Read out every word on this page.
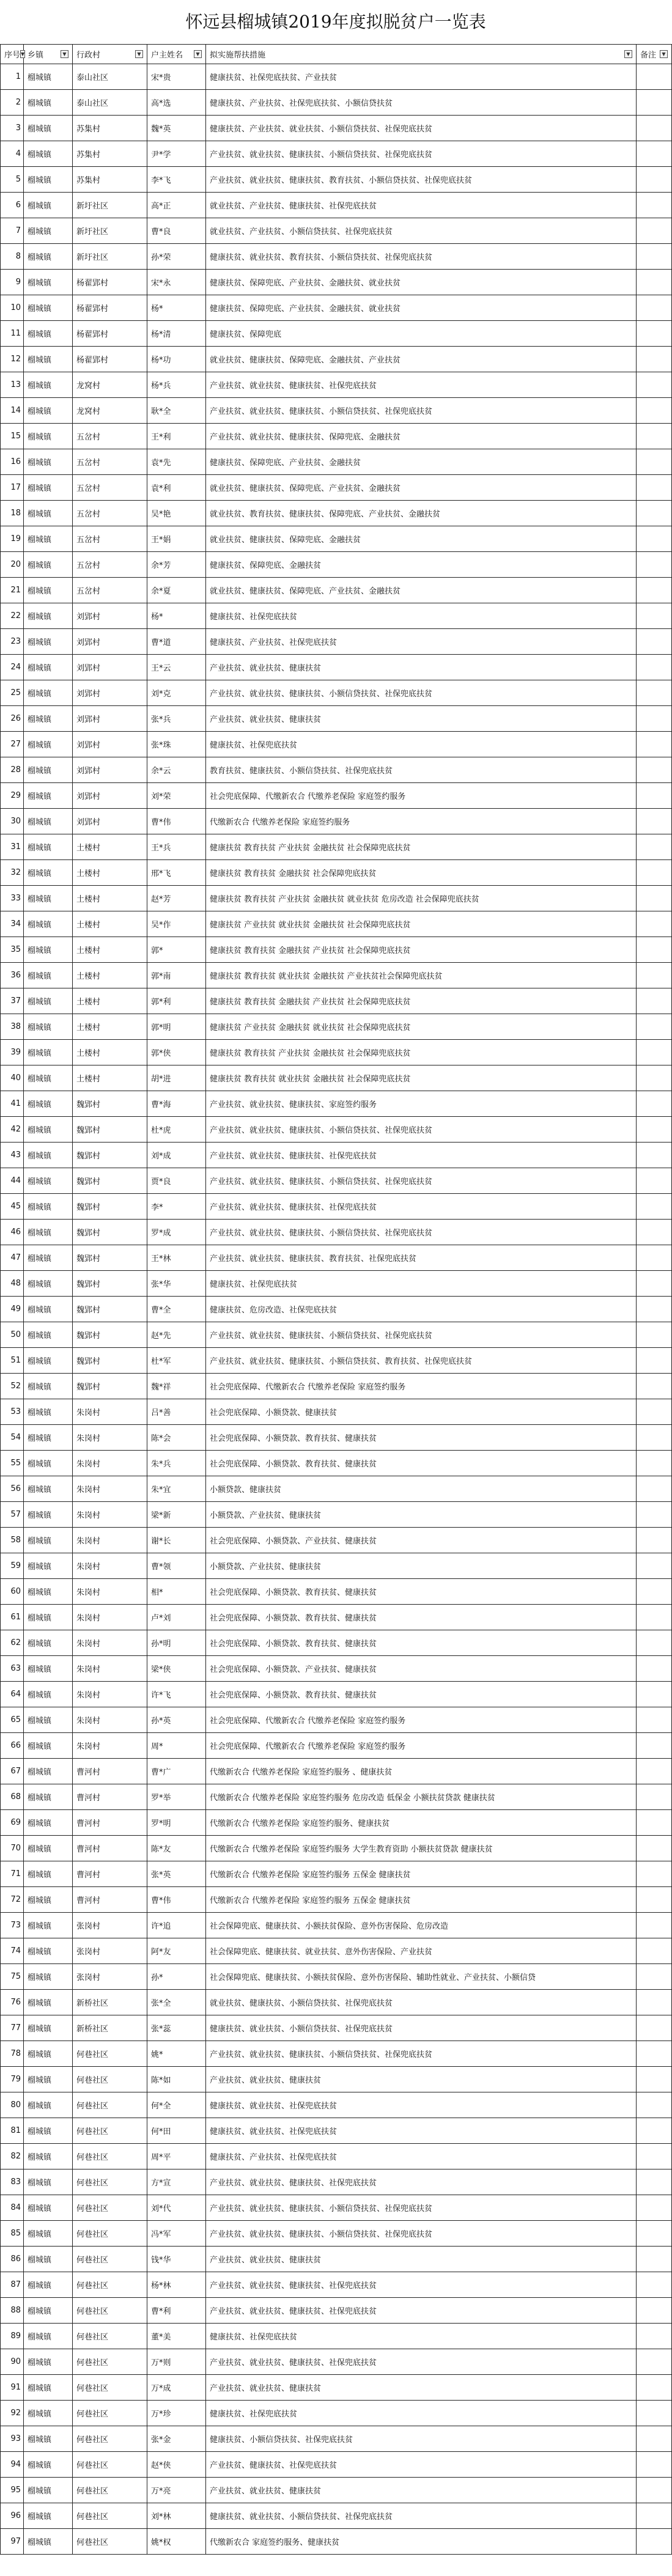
怀远县榴城镇2019年度拟脱贫户一览表
序号 ▼	乡镇 ▼	行政村 ▼	户主姓名 ▼	拟实施帮扶措施 ▼	备注 ▼

1	榴城镇	泰山社区	宋*贵	健康扶贫、社保兜底扶贫、产业扶贫	
2	榴城镇	泰山社区	高*选	健康扶贫、产业扶贫、社保兜底扶贫、小额信贷扶贫	
3	榴城镇	苏集村	魏*英	健康扶贫、产业扶贫、就业扶贫、小额信贷扶贫、社保兜底扶贫	
4	榴城镇	苏集村	尹*学	产业扶贫、就业扶贫、健康扶贫、小额信贷扶贫、社保兜底扶贫	
5	榴城镇	苏集村	李*飞	产业扶贫、就业扶贫、健康扶贫、教育扶贫、小额信贷扶贫、社保兜底扶贫	
6	榴城镇	新圩社区	高*正	就业扶贫、产业扶贫、健康扶贫、社保兜底扶贫	
7	榴城镇	新圩社区	曹*良	就业扶贫、产业扶贫、小额信贷扶贫、社保兜底扶贫	
8	榴城镇	新圩社区	孙*荣	健康扶贫、就业扶贫、教育扶贫、小额信贷扶贫、社保兜底扶贫	
9	榴城镇	杨翟郢村	宋*永	健康扶贫、保障兜底、产业扶贫、金融扶贫、就业扶贫	
10	榴城镇	杨翟郢村	杨*	健康扶贫、保障兜底、产业扶贫、金融扶贫、就业扶贫	
11	榴城镇	杨翟郢村	杨*清	健康扶贫、保障兜底	
12	榴城镇	杨翟郢村	杨*功	就业扶贫、健康扶贫、保障兜底、金融扶贫、产业扶贫	
13	榴城镇	龙窝村	杨*兵	产业扶贫、就业扶贫、健康扶贫、社保兜底扶贫	
14	榴城镇	龙窝村	耿*全	产业扶贫、就业扶贫、健康扶贫、小额信贷扶贫、社保兜底扶贫	
15	榴城镇	五岔村	王*利	产业扶贫、就业扶贫、健康扶贫、保障兜底、金融扶贫	
16	榴城镇	五岔村	袁*先	健康扶贫、保障兜底、产业扶贫、金融扶贫	
17	榴城镇	五岔村	袁*利	就业扶贫、健康扶贫、保障兜底、产业扶贫、金融扶贫	
18	榴城镇	五岔村	吴*艳	就业扶贫、教育扶贫、健康扶贫、保障兜底、产业扶贫、金融扶贫	
19	榴城镇	五岔村	王*娟	就业扶贫、健康扶贫、保障兜底、金融扶贫	
20	榴城镇	五岔村	余*芳	健康扶贫、保障兜底、金融扶贫	
21	榴城镇	五岔村	余*夏	就业扶贫、健康扶贫、保障兜底、产业扶贫、金融扶贫	
22	榴城镇	刘郢村	杨*	健康扶贫、社保兜底扶贫	
23	榴城镇	刘郢村	曹*道	健康扶贫、产业扶贫、社保兜底扶贫	
24	榴城镇	刘郢村	王*云	产业扶贫、就业扶贫、健康扶贫	
25	榴城镇	刘郢村	刘*克	产业扶贫、就业扶贫、健康扶贫、小额信贷扶贫、社保兜底扶贫	
26	榴城镇	刘郢村	张*兵	产业扶贫、就业扶贫、健康扶贫	
27	榴城镇	刘郢村	张*珠	健康扶贫、社保兜底扶贫	
28	榴城镇	刘郢村	余*云	教育扶贫、健康扶贫、小额信贷扶贫、社保兜底扶贫	
29	榴城镇	刘郢村	刘*荣	社会兜底保障、代缴新农合 代缴养老保险 家庭签约服务	
30	榴城镇	刘郢村	曹*伟	代缴新农合 代缴养老保险 家庭签约服务	
31	榴城镇	土楼村	王*兵	健康扶贫 教育扶贫 产业扶贫 金融扶贫 社会保障兜底扶贫	
32	榴城镇	土楼村	邢*飞	健康扶贫 教育扶贫 金融扶贫 社会保障兜底扶贫	
33	榴城镇	土楼村	赵*芳	健康扶贫 教育扶贫 产业扶贫 金融扶贫 就业扶贫 危房改造 社会保障兜底扶贫	
34	榴城镇	土楼村	吴*作	健康扶贫 产业扶贫 就业扶贫 金融扶贫 社会保障兜底扶贫	
35	榴城镇	土楼村	郭*	健康扶贫 教育扶贫 金融扶贫 产业扶贫 社会保障兜底扶贫	
36	榴城镇	土楼村	郭*南	健康扶贫 教育扶贫 就业扶贫 金融扶贫 产业扶贫社会保障兜底扶贫	
37	榴城镇	土楼村	郭*利	健康扶贫 教育扶贫 金融扶贫 产业扶贫 社会保障兜底扶贫	
38	榴城镇	土楼村	郭*明	健康扶贫 产业扶贫 金融扶贫 就业扶贫 社会保障兜底扶贫	
39	榴城镇	土楼村	郭*侠	健康扶贫 教育扶贫 产业扶贫 金融扶贫 社会保障兜底扶贫	
40	榴城镇	土楼村	胡*进	健康扶贫 教育扶贫 就业扶贫 金融扶贫 社会保障兜底扶贫	
41	榴城镇	魏郢村	曹*海	产业扶贫、就业扶贫、健康扶贫、家庭签约服务	
42	榴城镇	魏郢村	杜*虎	产业扶贫、就业扶贫、健康扶贫、小额信贷扶贫、社保兜底扶贫	
43	榴城镇	魏郢村	刘*成	产业扶贫、就业扶贫、健康扶贫、社保兜底扶贫	
44	榴城镇	魏郢村	贾*良	产业扶贫、就业扶贫、健康扶贫、小额信贷扶贫、社保兜底扶贫	
45	榴城镇	魏郢村	李*	产业扶贫、就业扶贫、健康扶贫、社保兜底扶贫	
46	榴城镇	魏郢村	罗*成	产业扶贫、就业扶贫、健康扶贫、小额信贷扶贫、社保兜底扶贫	
47	榴城镇	魏郢村	王*林	产业扶贫、就业扶贫、健康扶贫、教育扶贫、社保兜底扶贫	
48	榴城镇	魏郢村	张*华	健康扶贫、社保兜底扶贫	
49	榴城镇	魏郢村	曹*全	健康扶贫、危房改造、社保兜底扶贫	
50	榴城镇	魏郢村	赵*先	产业扶贫、就业扶贫、健康扶贫、小额信贷扶贫、社保兜底扶贫	
51	榴城镇	魏郢村	杜*军	产业扶贫、就业扶贫、健康扶贫、小额信贷扶贫、教育扶贫、社保兜底扶贫	
52	榴城镇	魏郢村	魏*祥	社会兜底保障、代缴新农合 代缴养老保险 家庭签约服务	
53	榴城镇	朱岗村	吕*善	社会兜底保障、小额贷款、健康扶贫	
54	榴城镇	朱岗村	陈*会	社会兜底保障、小额贷款、教育扶贫、健康扶贫	
55	榴城镇	朱岗村	朱*兵	社会兜底保障、小额贷款、教育扶贫、健康扶贫	
56	榴城镇	朱岗村	朱*宜	小额贷款、健康扶贫	
57	榴城镇	朱岗村	梁*新	小额贷款、产业扶贫、健康扶贫	
58	榴城镇	朱岗村	谢*长	社会兜底保障、小额贷款、产业扶贫、健康扶贫	
59	榴城镇	朱岗村	曹*领	小额贷款、产业扶贫、健康扶贫	
60	榴城镇	朱岗村	相*	社会兜底保障、小额贷款、教育扶贫、健康扶贫	
61	榴城镇	朱岗村	卢*刘	社会兜底保障、小额贷款、教育扶贫、健康扶贫	
62	榴城镇	朱岗村	孙*明	社会兜底保障、小额贷款、教育扶贫、健康扶贫	
63	榴城镇	朱岗村	梁*侠	社会兜底保障、小额贷款、产业扶贫、健康扶贫	
64	榴城镇	朱岗村	许*飞	社会兜底保障、小额贷款、教育扶贫、健康扶贫	
65	榴城镇	朱岗村	孙*英	社会兜底保障、代缴新农合 代缴养老保险 家庭签约服务	
66	榴城镇	朱岗村	周*	社会兜底保障、代缴新农合 代缴养老保险 家庭签约服务	
67	榴城镇	曹河村	曹*广	代缴新农合 代缴养老保险 家庭签约服务 、健康扶贫	
68	榴城镇	曹河村	罗*举	代缴新农合 代缴养老保险 家庭签约服务 危房改造 低保金 小额扶贫贷款 健康扶贫	
69	榴城镇	曹河村	罗*明	代缴新农合 代缴养老保险 家庭签约服务、健康扶贫	
70	榴城镇	曹河村	陈*友	代缴新农合 代缴养老保险 家庭签约服务 大学生教育资助 小额扶贫贷款 健康扶贫	
71	榴城镇	曹河村	张*英	代缴新农合 代缴养老保险 家庭签约服务 五保金 健康扶贫	
72	榴城镇	曹河村	曹*伟	代缴新农合 代缴养老保险 家庭签约服务 五保金 健康扶贫	
73	榴城镇	张岗村	许*追	社会保障兜底、健康扶贫、小额扶贫保险、意外伤害保险、危房改造	
74	榴城镇	张岗村	阿*友	社会保障兜底、健康扶贫、就业扶贫、意外伤害保险、产业扶贫	
75	榴城镇	张岗村	孙*	社会保障兜底、健康扶贫、小额扶贫保险、意外伤害保险、辅助性就业、产业扶贫、小额信贷	
76	榴城镇	新桥社区	张*全	就业扶贫、健康扶贫、小额信贷扶贫、社保兜底扶贫	
77	榴城镇	新桥社区	张*蕊	健康扶贫、就业扶贫、小额信贷扶贫、社保兜底扶贫	
78	榴城镇	何巷社区	姚*	产业扶贫、就业扶贫、健康扶贫、小额信贷扶贫、社保兜底扶贫	
79	榴城镇	何巷社区	陈*如	产业扶贫、就业扶贫、健康扶贫	
80	榴城镇	何巷社区	何*全	健康扶贫、就业扶贫、社保兜底扶贫	
81	榴城镇	何巷社区	何*田	健康扶贫、就业扶贫、社保兜底扶贫	
82	榴城镇	何巷社区	周*平	健康扶贫、产业扶贫、社保兜底扶贫	
83	榴城镇	何巷社区	方*宣	产业扶贫、就业扶贫、健康扶贫、社保兜底扶贫	
84	榴城镇	何巷社区	刘*代	产业扶贫、就业扶贫、健康扶贫、小额信贷扶贫、社保兜底扶贫	
85	榴城镇	何巷社区	冯*军	产业扶贫、就业扶贫、健康扶贫、小额信贷扶贫、社保兜底扶贫	
86	榴城镇	何巷社区	钱*华	产业扶贫、就业扶贫、健康扶贫	
87	榴城镇	何巷社区	杨*林	产业扶贫、就业扶贫、健康扶贫、社保兜底扶贫	
88	榴城镇	何巷社区	曹*利	产业扶贫、就业扶贫、健康扶贫、社保兜底扶贫	
89	榴城镇	何巷社区	董*美	健康扶贫、社保兜底扶贫	
90	榴城镇	何巷社区	万*则	产业扶贫、就业扶贫、健康扶贫、社保兜底扶贫	
91	榴城镇	何巷社区	万*成	产业扶贫、就业扶贫、健康扶贫	
92	榴城镇	何巷社区	万*珍	健康扶贫、社保兜底扶贫	
93	榴城镇	何巷社区	张*金	健康扶贫、小额信贷扶贫、社保兜底扶贫	
94	榴城镇	何巷社区	赵*侠	产业扶贫、健康扶贫、社保兜底扶贫	
95	榴城镇	何巷社区	万*亮	产业扶贫、就业扶贫、健康扶贫	
96	榴城镇	何巷社区	刘*林	健康扶贫、就业扶贫、小额信贷扶贫、社保兜底扶贫	
97	榴城镇	何巷社区	姚*权	代缴新农合 家庭签约服务、健康扶贫	
